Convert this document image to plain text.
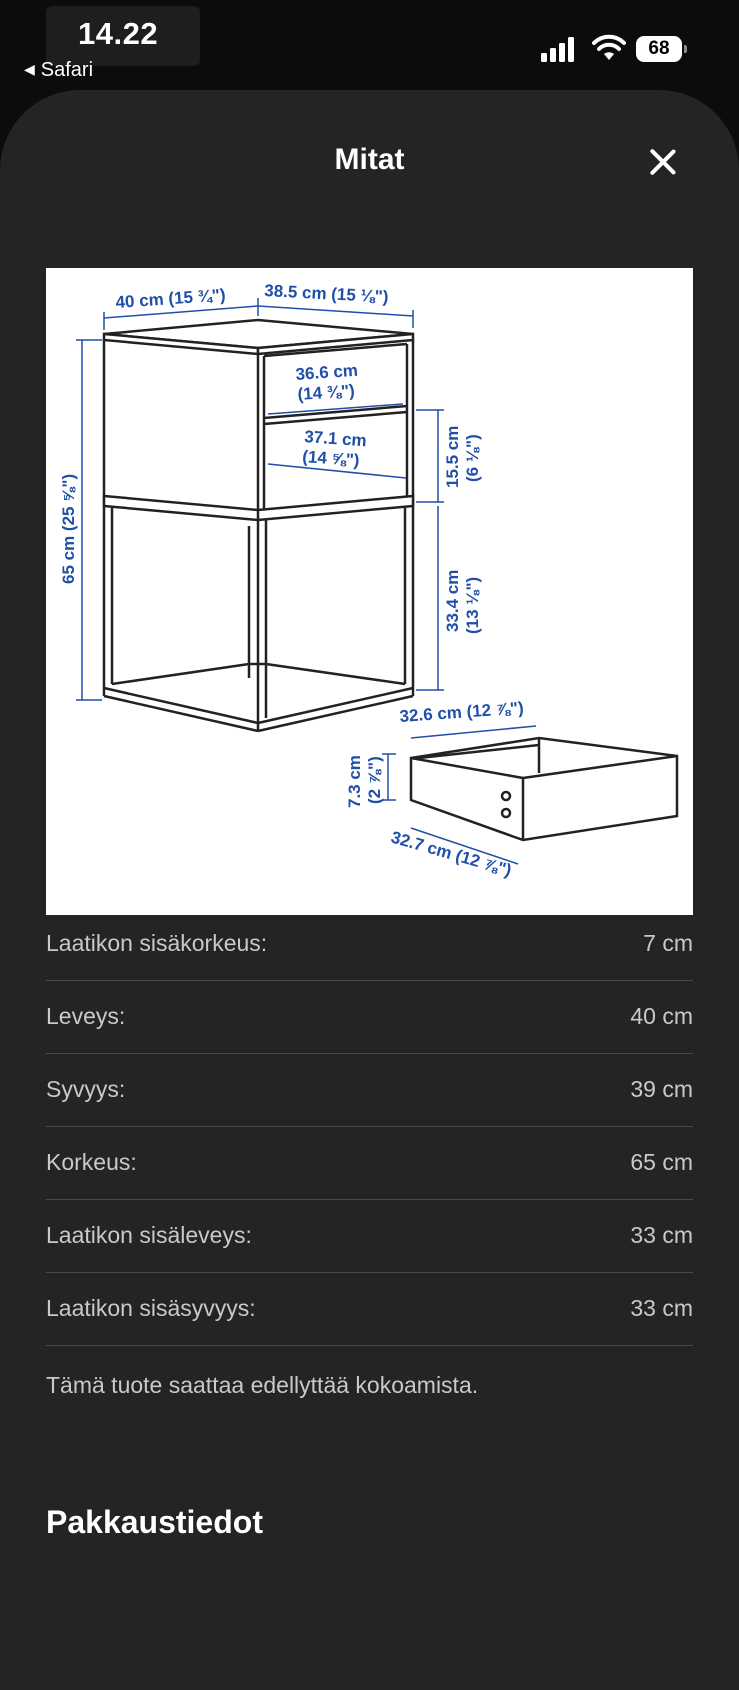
14.22
◀ Safari
68
Mitat
40 cm (15 ¾") 38.5 cm (15 ⅛")
36.6 cm
(14 ⅜")
37.1 cm
(14 ⅝")
65 cm (25 ⅝")
15.5 cm (6 ⅛")
33.4 cm (13 ⅛")
32.6 cm (12 ⅞")
7.3 cm (2 ⅞")
32.7 cm (12 ⅞")
Laatikon sisäkorkeus:	7 cm
Leveys:	40 cm
Syvyys:	39 cm
Korkeus:	65 cm
Laatikon sisäleveys:	33 cm
Laatikon sisäsyvyys:	33 cm
Tämä tuote saattaa edellyttää kokoamista.
Pakkaustiedot
